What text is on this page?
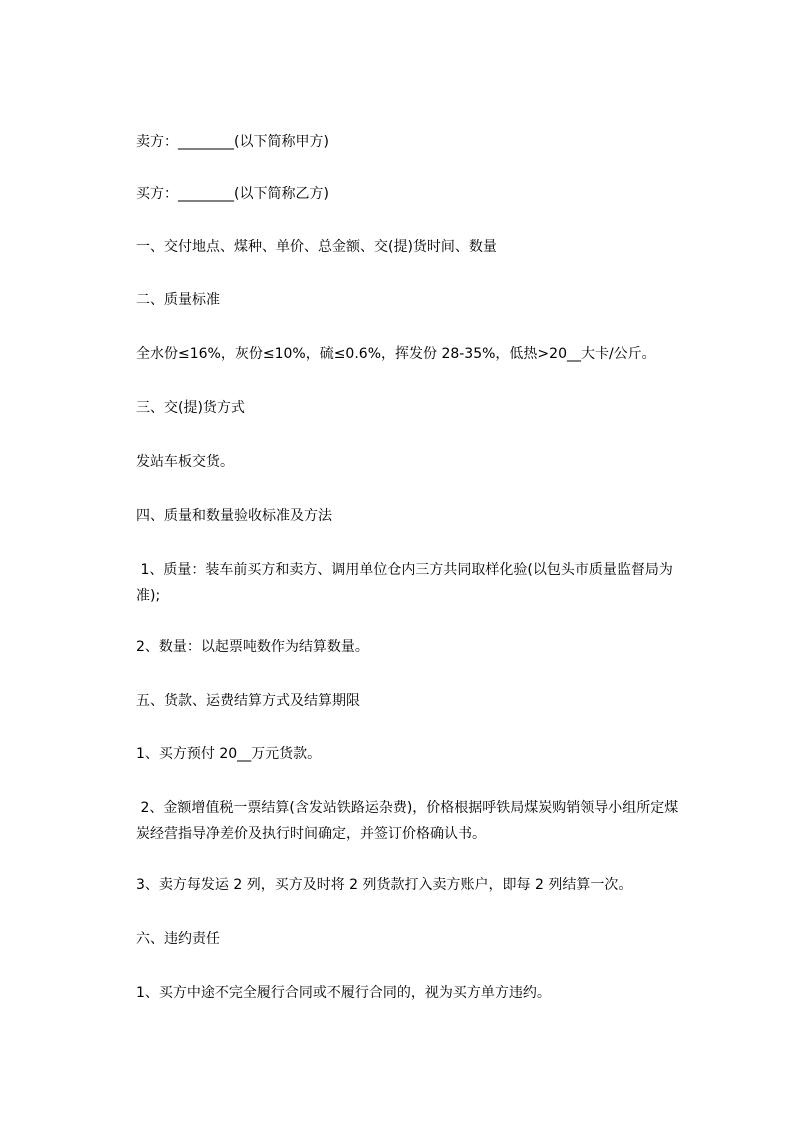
卖方：________(以下简称甲方)

买方：________(以下简称乙方)

一、交付地点、煤种、单价、总金额、交(提)货时间、数量

二、质量标准

全水份≤16%，灰份≤10%，硫≤0.6%，挥发份 28-35%，低热>20__大卡/公斤。

三、交(提)货方式

发站车板交货。

四、质量和数量验收标准及方法

1、质量：装车前买方和卖方、调用单位仓内三方共同取样化验(以包头市质量监督局为准);

2、数量：以起票吨数作为结算数量。

五、货款、运费结算方式及结算期限

1、买方预付 20__万元货款。

2、金额增值税一票结算(含发站铁路运杂费)，价格根据呼铁局煤炭购销领导小组所定煤炭经营指导净差价及执行时间确定，并签订价格确认书。

3、卖方每发运 2 列，买方及时将 2 列货款打入卖方账户，即每 2 列结算一次。

六、违约责任

1、买方中途不完全履行合同或不履行合同的，视为买方单方违约。
